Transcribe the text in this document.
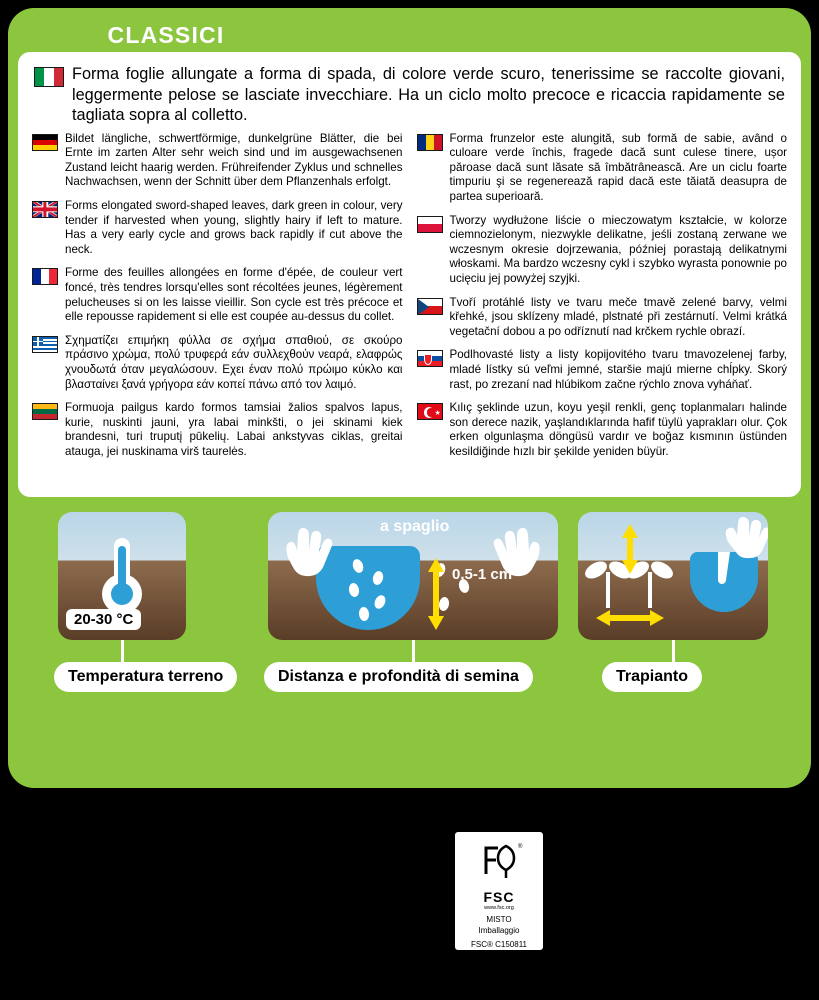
CLASSICI
Forma foglie allungate a forma di spada, di colore verde scuro, tenerissime se raccolte giovani, leggermente pelose se lasciate invecchiare. Ha un ciclo molto precoce e ricaccia rapidamente se tagliata sopra al colletto.
Bildet längliche, schwertförmige, dunkelgrüne Blätter, die bei Ernte im zarten Alter sehr weich sind und im ausgewachsenen Zustand leicht haarig werden. Frühreifender Zyklus und schnelles Nachwachsen, wenn der Schnitt über dem Pflanzenhals erfolgt.
Forms elongated sword-shaped leaves, dark green in colour, very tender if harvested when young, slightly hairy if left to mature. Has a very early cycle and grows back rapidly if cut above the neck.
Forme des feuilles allongées en forme d'épée, de couleur vert foncé, très tendres lorsqu'elles sont récoltées jeunes, légèrement pelucheuses si on les laisse vieillir. Son cycle est très précoce et elle repousse rapidement si elle est coupée au-dessus du collet.
Σχηματίζει επιμήκη φύλλα σε σχήμα σπαθιού, σε σκούρο πράσινο χρώμα, πολύ τρυφερά εάν συλλεχθούν νεαρά, ελαφρώς χνουδωτά όταν μεγαλώσουν. Εχει έναν πολύ πρώιμο κύκλο και βλασταίνει ξανά γρήγορα εάν κοπεί πάνω από τον λαιμό.
Formuoja pailgus kardo formos tamsiai žalios spalvos lapus, kurie, nuskinti jauni, yra labai minkšti, o jei skinami kiek brandesni, turi truputį pūkelių. Labai ankstyvas ciklas, greitai atauga, jei nuskinama virš taurelės.
Forma frunzelor este alungită, sub formă de sabie, având o culoare verde închis, fragede dacă sunt culese tinere, ușor păroase dacă sunt lăsate să îmbătrânească. Are un ciclu foarte timpuriu şi se regenerează rapid dacă este tăiată deasupra de partea superioară.
Tworzy wydłużone liście o mieczowatym kształcie, w kolorze ciemnozielonym, niezwykle delikatne, jeśli zostaną zerwane we wczesnym okresie dojrzewania, później porastają delikatnymi włoskami. Ma bardzo wczesny cykl i szybko wyrasta ponownie po ucięciu jej powyżej szyjki.
Tvoří protáhlé listy ve tvaru meče tmavě zelené barvy, velmi křehké, jsou sklízeny mladé, plstnaté při zestárnutí. Velmi krátká vegetační dobou a po odříznutí nad krčkem rychle obrazí.
Podlhovasté listy a listy kopijovitého tvaru tmavozelenej farby, mladé lístky sú veľmi jemné, staršie majú mierne chĺpky. Skorý rast, po zrezaní nad hlúbikom začne rýchlo znova vyháňať.
★ Kılıç şeklinde uzun, koyu yeşil renkli, genç toplanmaları halinde son derece nazik, yaşlandıklarında hafif tüylü yaprakları olur. Çok erken olgunlaşma döngüsü vardır ve boğaz kısmının üstünden kesildiğinde hızlı bir şekilde yeniden büyür.
20-30 °C
Temperatura terreno
a spaglio
0,5-1 cm
Distanza e profondità di semina	Trapianto
®
FSC
www.fsc.org
MISTO
Imballaggio
FSC® C150811
